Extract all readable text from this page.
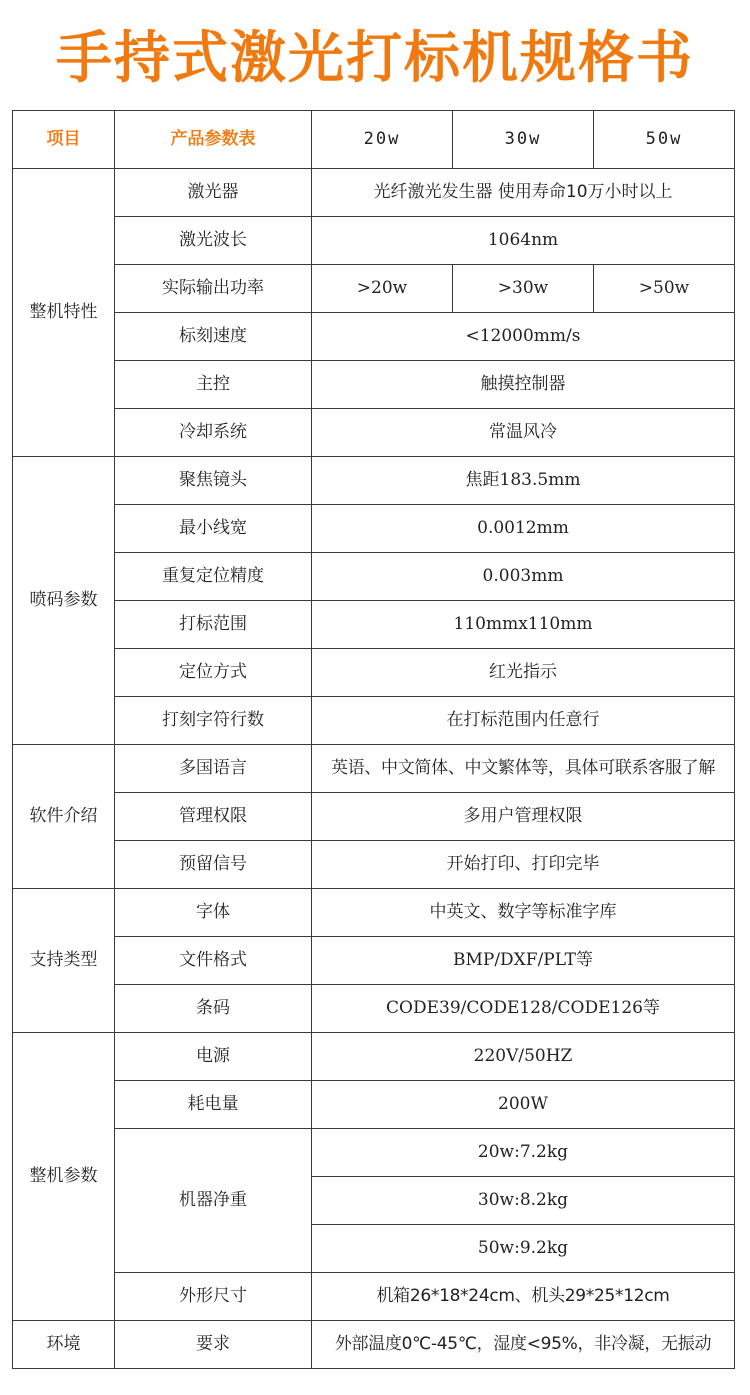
手持式激光打标机规格书
项目	产品参数表	20w	30w	50w
整机特性	激光器	光纤激光发生器 使用寿命10万小时以上		
	激光波长	1064nm		
	实际输出功率	>20w	>30w	>50w
	标刻速度	<12000mm/s		
	主控	触摸控制器		
	冷却系统	常温风冷		
喷码参数	聚焦镜头	焦距183.5mm		
	最小线宽	0.0012mm		
	重复定位精度	0.003mm		
	打标范围	110mmx110mm		
	定位方式	红光指示		
	打刻字符行数	在打标范围内任意行		
软件介绍	多国语言	英语、中文简体、中文繁体等，具体可联系客服了解		
	管理权限	多用户管理权限		
	预留信号	开始打印、打印完毕		
支持类型	字体	中英文、数字等标准字库		
	文件格式	BMP/DXF/PLT等		
	条码	CODE39/CODE128/CODE126等		
整机参数	电源	220V/50HZ		
	耗电量	200W		
	机器净重	20w:7.2kg		
		30w:8.2kg		
		50w:9.2kg		
	外形尺寸	机箱26*18*24cm、机头29*25*12cm		
环境	要求	外部温度0℃-45℃，湿度<95%，非冷凝，无振动		
